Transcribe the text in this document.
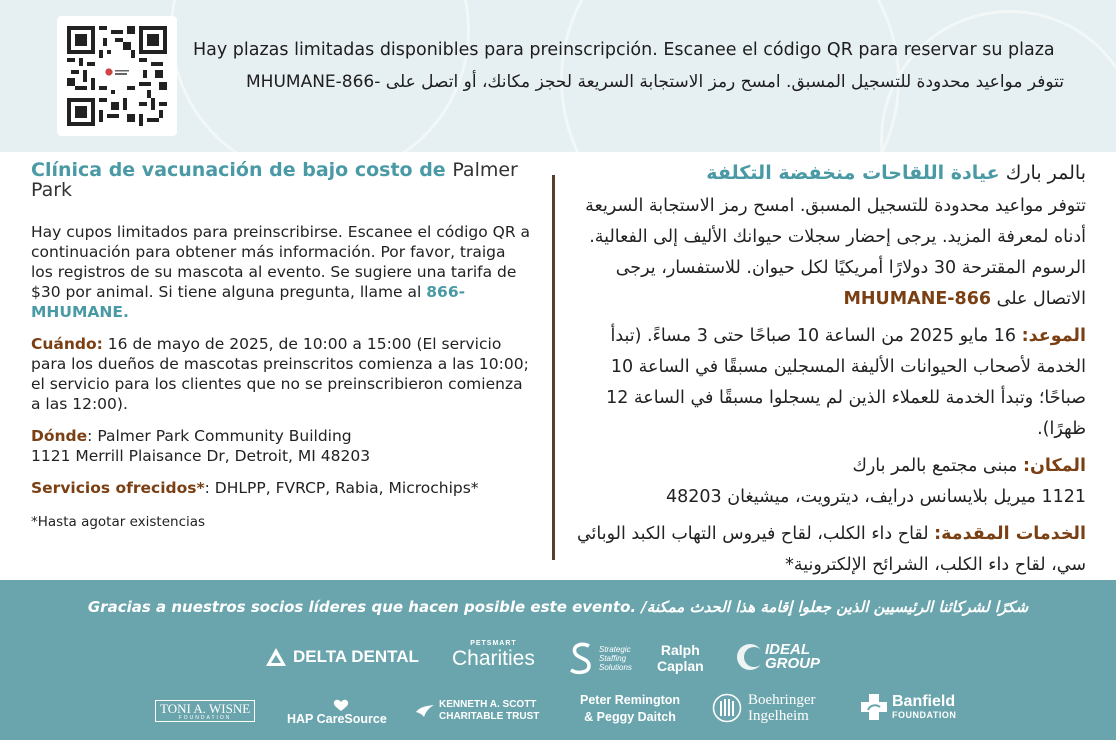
Hay plazas limitadas disponibles para preinscripción. Escanee el código QR para reservar su plaza
تتوفر مواعيد محدودة للتسجيل المسبق. امسح رمز الاستجابة السريعة لحجز مكانك، أو اتصل على -MHUMANE-866
Clínica de vacunación de bajo costo de Palmer Park
Hay cupos limitados para preinscribirse. Escanee el código QR a continuación para obtener más información. Por favor, traiga los registros de su mascota al evento. Se sugiere una tarifa de $30 por animal. Si tiene alguna pregunta, llame al 866-MHUMANE.
Cuándo: 16 de mayo de 2025, de 10:00 a 15:00 (El servicio para los dueños de mascotas preinscritos comienza a las 10:00; el servicio para los clientes que no se preinscribieron comienza a las 12:00).
Dónde: Palmer Park Community Building
1121 Merrill Plaisance Dr, Detroit, MI 48203
Servicios ofrecidos*: DHLPP, FVRCP, Rabia, Microchips*
*Hasta agotar existencias
بالمر بارك عيادة اللقاحات منخفضة التكلفة
تتوفر مواعيد محدودة للتسجيل المسبق. امسح رمز الاستجابة السريعة أدناه لمعرفة المزيد. يرجى إحضار سجلات حيوانك الأليف إلى الفعالية. الرسوم المقترحة 30 دولارًا أمريكيًا لكل حيوان. للاستفسار، يرجى الاتصال على MHUMANE-866
الموعد: 16 مايو 2025 من الساعة 10 صباحًا حتى 3 مساءً. (تبدأ الخدمة لأصحاب الحيوانات الأليفة المسجلين مسبقًا في الساعة 10 صباحًا؛ وتبدأ الخدمة للعملاء الذين لم يسجلوا مسبقًا في الساعة 12 ظهرًا).
المكان: مبنى مجتمع بالمر بارك
1121 ميريل بلايسانس درايف، ديترويت، ميشيغان 48203
الخدمات المقدمة: لقاح داء الكلب، لقاح فيروس التهاب الكبد الوبائي سي، لقاح داء الكلب، الشرائح الإلكترونية*
Gracias a nuestros socios líderes que hacen posible este evento. /شكرًا لشركائنا الرئيسيين الذين جعلوا إقامة هذا الحدث ممكنة
DELTA DENTAL
PETSMART
Charities	Strategic Staffing Solutions
Ralph
Caplan
IDEAL
GROUP
TONI A. WISNE
FOUNDATION	HAP CareSource
KENNETH A. SCOTT
CHARITABLE TRUST
Peter Remington
& Peggy Daitch
Boehringer
Ingelheim
Banfield
FOUNDATION
